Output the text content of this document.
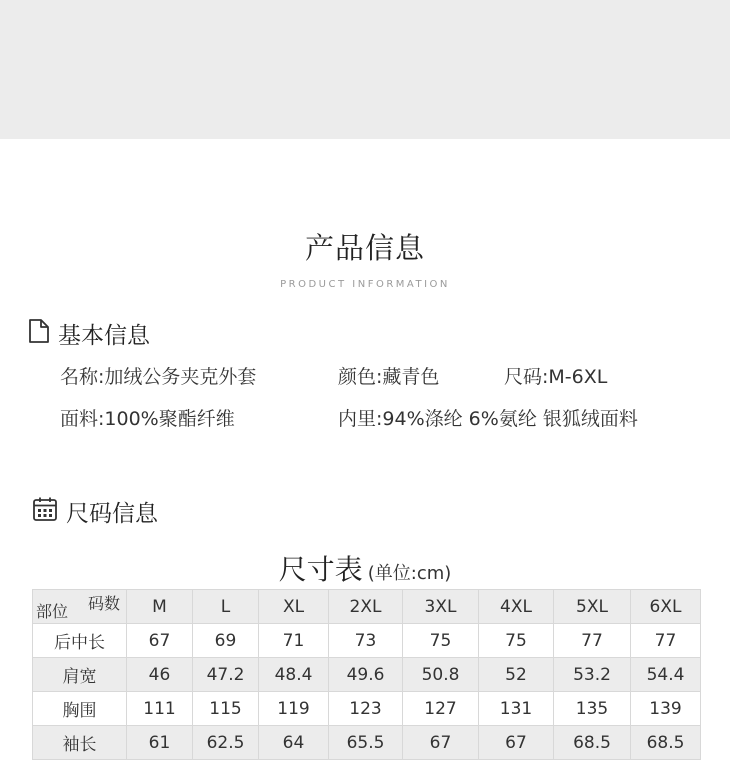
产品信息
PRODUCT INFORMATION
基本信息
名称:加绒公务夹克外套	颜色:藏青色	尺码:M-6XL
面料:100%聚酯纤维	内里:94%涤纶 6%氨纶 银狐绒面料
尺码信息
尺寸表 (单位:cm)
码数
部位	M	L	XL	2XL	3XL	4XL	5XL	6XL
后中长	67	69	71	73	75	75	77	77
肩宽	46	47.2	48.4	49.6	50.8	52	53.2	54.4
胸围	111	115	119	123	127	131	135	139
袖长	61	62.5	64	65.5	67	67	68.5	68.5
